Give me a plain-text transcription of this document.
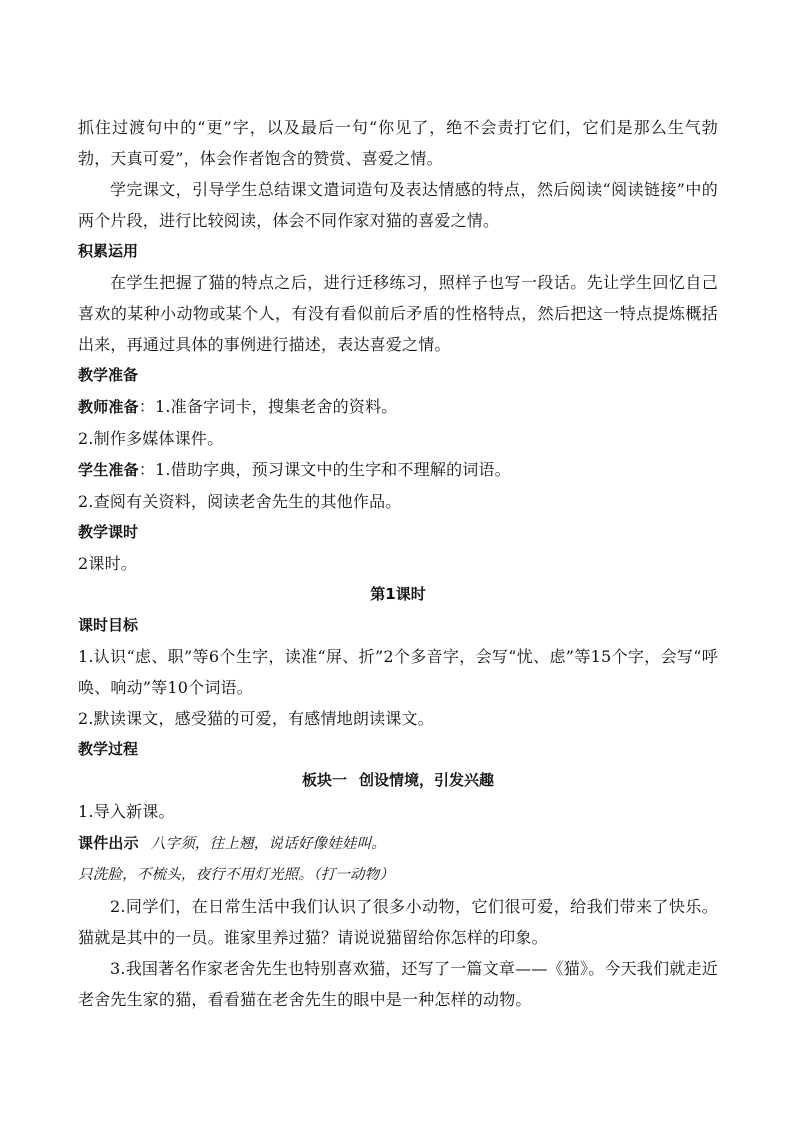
抓住过渡句中的“更”字，以及最后一句“你见了，绝不会责打它们，它们是那么生气勃勃，天真可爱”，体会作者饱含的赞赏、喜爱之情。

学完课文，引导学生总结课文遣词造句及表达情感的特点，然后阅读“阅读链接”中的两个片段，进行比较阅读，体会不同作家对猫的喜爱之情。

积累运用

在学生把握了猫的特点之后，进行迁移练习，照样子也写一段话。先让学生回忆自己喜欢的某种小动物或某个人，有没有看似前后矛盾的性格特点，然后把这一特点提炼概括出来，再通过具体的事例进行描述，表达喜爱之情。

教学准备

教师准备：1.准备字词卡，搜集老舍的资料。

2.制作多媒体课件。

学生准备：1.借助字典，预习课文中的生字和不理解的词语。

2.查阅有关资料，阅读老舍先生的其他作品。

教学课时

2课时。

第1课时

课时目标

1.认识“虑、职”等6个生字，读准“屏、折”2个多音字，会写“忧、虑”等15个字，会写“呼唤、响动”等10个词语。

2.默读课文，感受猫的可爱，有感情地朗读课文。

教学过程

板块一 创设情境，引发兴趣

1.导入新课。

课件出示 八字须，往上翘，说话好像娃娃叫。

只洗脸，不梳头，夜行不用灯光照。（打一动物）

2.同学们，在日常生活中我们认识了很多小动物，它们很可爱，给我们带来了快乐。猫就是其中的一员。谁家里养过猫？请说说猫留给你怎样的印象。

3.我国著名作家老舍先生也特别喜欢猫，还写了一篇文章——《猫》。今天我们就走近老舍先生家的猫，看看猫在老舍先生的眼中是一种怎样的动物。
